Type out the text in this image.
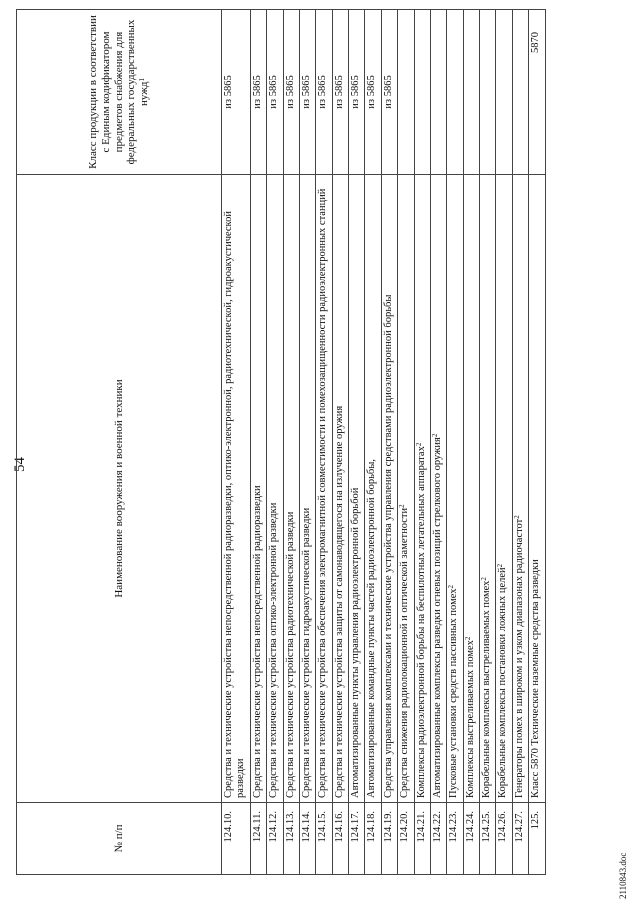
54
№ п/п	Наименование вооружения и военной техники	Класс продукции в соответствии с Единым кодификатором предметов снабжения для федеральных государственных нужд$^1$
124.10.	Средства и технические устройства непосредственной радиоразведки, оптико-электронной, радиотехнической, гидроакустической разведки	из 5865
124.11.	Средства и технические устройства непосредственной радиоразведки	из 5865
124.12.	Средства и технические устройства оптико-электронной разведки	из 5865
124.13.	Средства и технические устройства радиотехнической разведки	из 5865
124.14.	Средства и технические устройства гидроакустической разведки	из 5865
124.15.	Средства и технические устройства обеспечения электромагнитной совместимости и помехозащищенности радиоэлектронных станций	из 5865
124.16.	Средства и технические устройства защиты от самонаводящегося на излучение оружия	из 5865
124.17.	Автоматизированные пункты управления радиоэлектронной борьбой	из 5865
124.18.	Автоматизированные командные пункты частей радиоэлектронной борьбы,	из 5865
124.19.	Средства управления комплексами и технические устройства управления средствами радиоэлектронной борьбы	из 5865
124.20.	Средства снижения радиолокационной и оптической заметности$^2$	
124.21.	Комплексы радиоэлектронной борьбы на беспилотных летательных аппаратах$^2$	
124.22.	Автоматизированные комплексы разведки огневых позиций стрелкового оружия$^2$	
124.23.	Пусковые установки средств пассивных помех$^2$	
124.24.	Комплексы выстреливаемых помех$^2$	
124.25.	Корабельные комплексы выстреливаемых помех$^2$	
124.26.	Корабельные комплексы постановки ложных целей$^2$	
124.27.	Генераторы помех в широком и узком диапазонах радиочастот$^2$	
125.	Класс 5870 Технические наземные средства разведки	5870
2110843.doc
